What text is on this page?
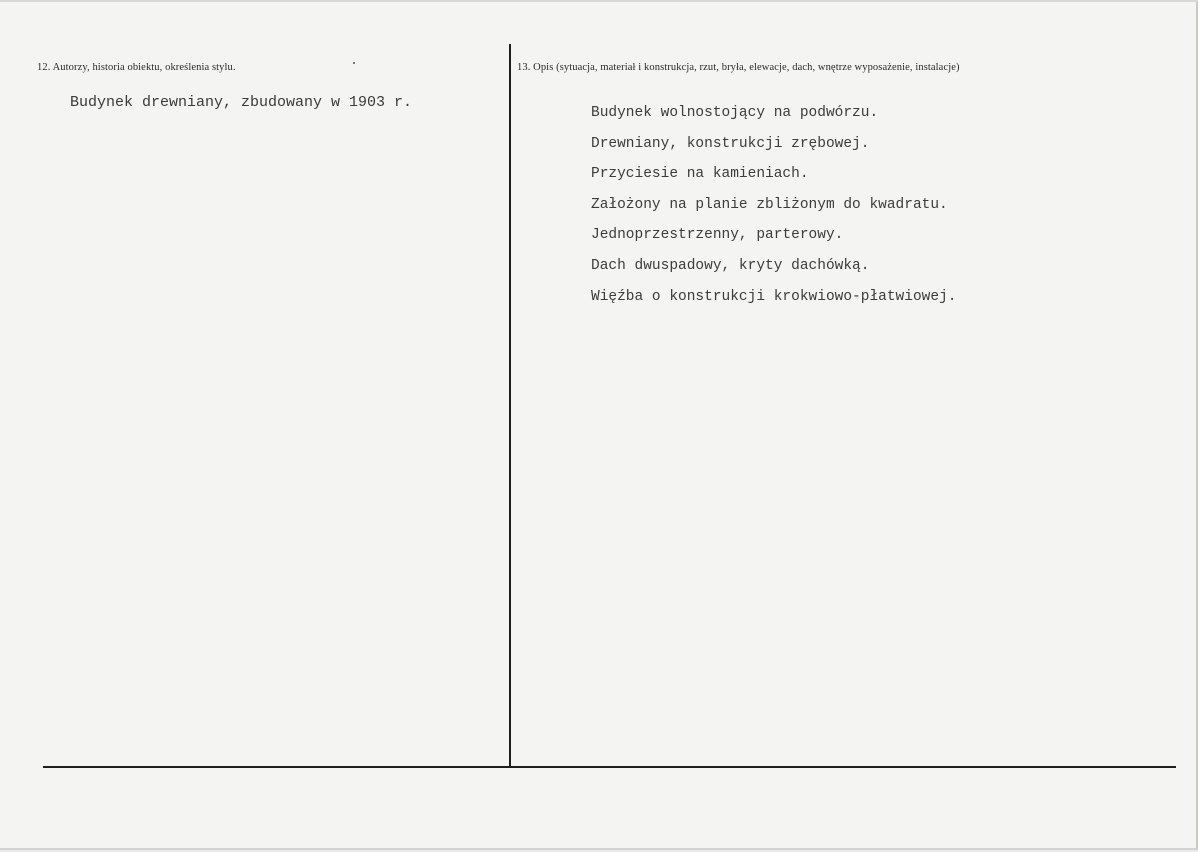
12. Autorzy, historia obiektu, określenia stylu.
Budynek drewniany, zbudowany w 1903 r.
13. Opis (sytuacja, materiał i konstrukcja, rzut, bryła, elewacje, dach, wnętrze wyposażenie, instalacje)
Budynek wolnostojący na podwórzu.
Drewniany, konstrukcji zrębowej.
Przyciesie na kamieniach.
Założony na planie zbliżonym do kwadratu.
Jednoprzestrzenny, parterowy.
Dach dwuspadowy, kryty dachówką.
Więźba o konstrukcji krokwiowo-płatwiowej.
